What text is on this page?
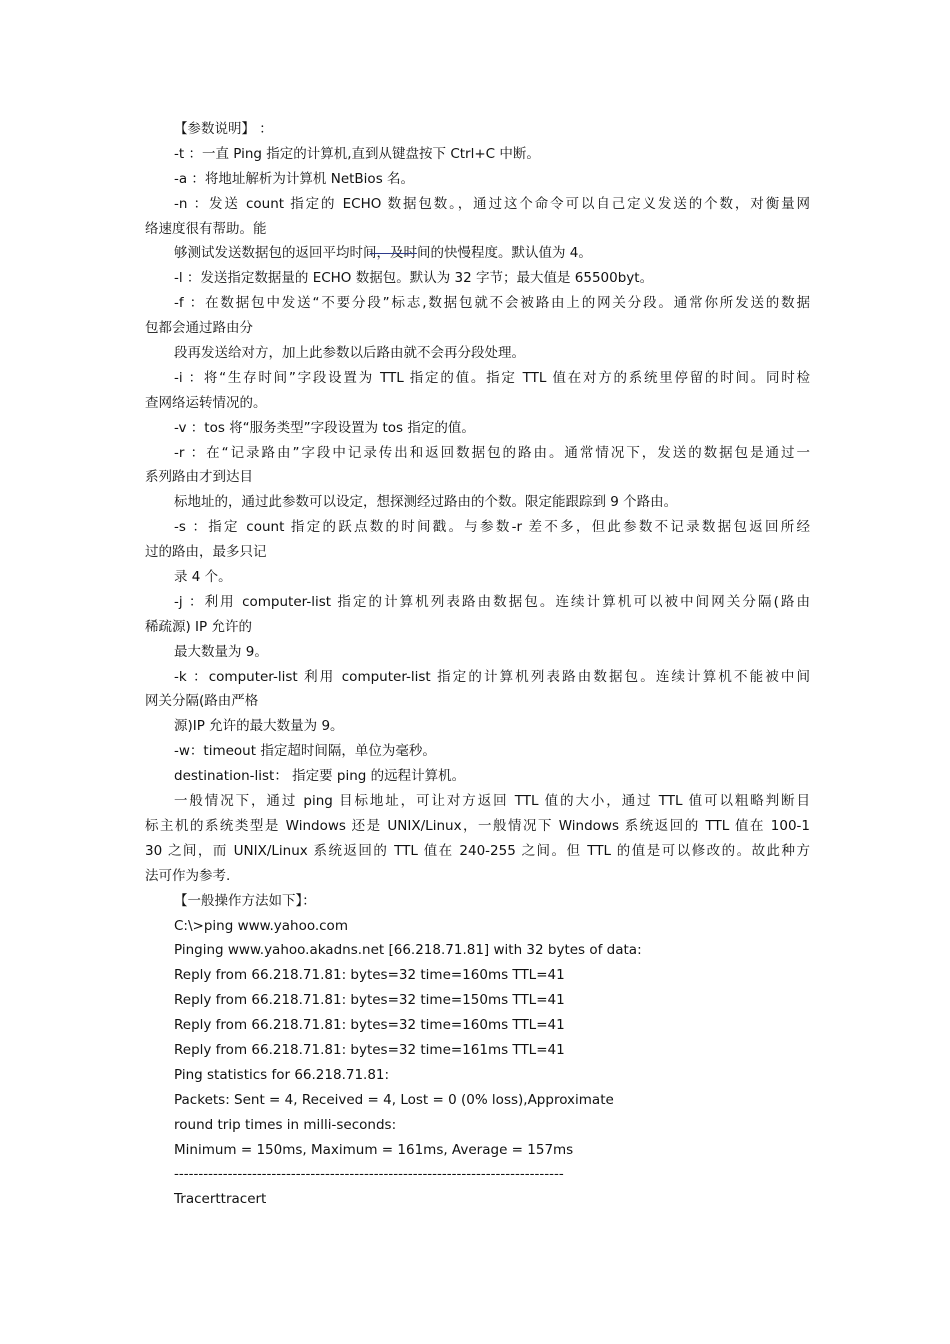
【参数说明】 ：
-t ：一直 Ping 指定的计算机,直到从键盘按下 Ctrl+C 中断。
-a ：将地址解析为计算机 NetBios 名。
-n ：发送 count 指定的 ECHO 数据包数。，通过这个命令可以自己定义发送的个数，对衡量网
络速度很有帮助。能
够测试发送数据包的返回平均时间，及时间的快慢程度。默认值为 4。
-l ：发送指定数据量的 ECHO 数据包。默认为 32 字节；最大值是 65500byt。
-f ：在数据包中发送“不要分段”标志,数据包就不会被路由上的网关分段。通常你所发送的数据
包都会通过路由分
段再发送给对方，加上此参数以后路由就不会再分段处理。
-i ：将“生存时间”字段设置为 TTL 指定的值。指定 TTL 值在对方的系统里停留的时间。同时检
查网络运转情况的。
-v ：tos 将“服务类型”字段设置为 tos 指定的值。
-r ：在“记录路由”字段中记录传出和返回数据包的路由。通常情况下，发送的数据包是通过一
系列路由才到达目
标地址的，通过此参数可以设定，想探测经过路由的个数。限定能跟踪到 9 个路由。
-s ：指定 count 指定的跃点数的时间戳。与参数-r 差不多，但此参数不记录数据包返回所经
过的路由，最多只记
录 4 个。
-j ：利用 computer-list 指定的计算机列表路由数据包。连续计算机可以被中间网关分隔(路由
稀疏源) IP 允许的
最大数量为 9。
-k ：computer-list 利用 computer-list 指定的计算机列表路由数据包。连续计算机不能被中间
网关分隔(路由严格
源)IP 允许的最大数量为 9。
-w：timeout 指定超时间隔，单位为毫秒。
destination-list： 指定要 ping 的远程计算机。
一般情况下，通过 ping 目标地址，可让对方返回 TTL 值的大小，通过 TTL 值可以粗略判断目
标主机的系统类型是 Windows 还是 UNIX/Linux，一般情况下 Windows 系统返回的 TTL 值在 100-1
30 之间，而 UNIX/Linux 系统返回的 TTL 值在 240-255 之间。但 TTL 的值是可以修改的。故此种方
法可作为参考.
【一般操作方法如下】：
C:\>ping www.yahoo.com
Pinging www.yahoo.akadns.net [66.218.71.81] with 32 bytes of data:
Reply from 66.218.71.81: bytes=32 time=160ms TTL=41
Reply from 66.218.71.81: bytes=32 time=150ms TTL=41
Reply from 66.218.71.81: bytes=32 time=160ms TTL=41
Reply from 66.218.71.81: bytes=32 time=161ms TTL=41
Ping statistics for 66.218.71.81:
Packets: Sent = 4, Received = 4, Lost = 0 (0% loss),Approximate
round trip times in milli-seconds:
Minimum = 150ms, Maximum = 161ms, Average = 157ms
--------------------------------------------------------------------------------
Tracerttracert
